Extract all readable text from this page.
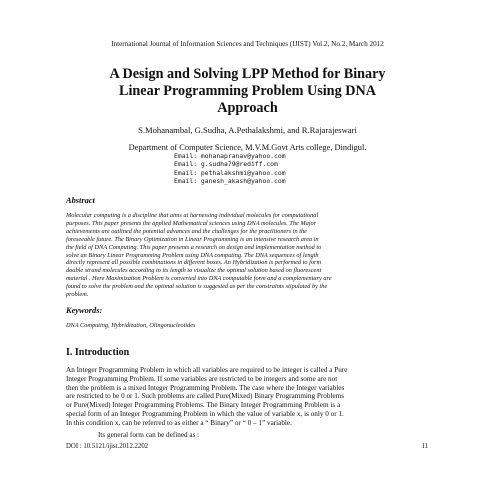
International Journal of Information Sciences and Techniques (IJIST) Vol.2, No.2, March 2012
A Design and Solving LPP Method for Binary
Linear Programming Problem Using DNA
Approach
S.Mohanambal, G.Sudha, A.Pethalakshmi, and R.Rajarajeswari
Department of Computer Science, M.V.M.Govt Arts college, Dindigul.
Email: mohanapranav@yahoo.com
Email: g.sudha79@rediff.com
Email: pethalakshmi@yahoo.com
Email: ganesh_akash@yahoo.com
Abstract
Molecular computing is a discipline that aims at harnessing individual molecules for computational
purposes. This paper presents the applied Mathematical sciences using DNA molecules. The Major
achievements are outlined the potential advances and the challenges for the practitioners in the
foreseeable future. The Binary Optimization in Linear Programming is an intensive research area in
the field of DNA Computing. This paper presents a research on design and implementation method to
solve an Binary Linear Programming Problem using DNA computing. The DNA sequences of length
directly represent all possible combinations in different boxes. An Hybridization is performed to form
double strand molecules according to its length to visualize the optimal solution based on fluorescent
material . Here Maximization Problem is converted into DNA computable form and a complementary are
found to solve the problem and the optimal solution is suggested as per the constraints stipulated by the
problem.
Keywords:
DNA Computing, Hybridization, Olingonucleotides
I. Introduction
An Integer Programming Problem in which all variables are required to be integer is called a Pure
Integer Programming Problem. If some variables are restricted to be integers and some are not
then the problem is a mixed Integer Programming Problem. The case where the Integer variables
are restricted to be 0 or 1. Such problems are called Pure(Mixed) Binary Programming Problems
or Pure(Mixed) Integer Programming Problems. The Binary Integer Programming Problem is a
special form of an Integer Programming Problem in which the value of variable x, is only 0 or 1.
In this condition x, can be referred to as either a “ Binary” or “ 0 – 1” variable.
Its general form can be defined as :
DOI : 10.5121/ijist.2012.2202	11
